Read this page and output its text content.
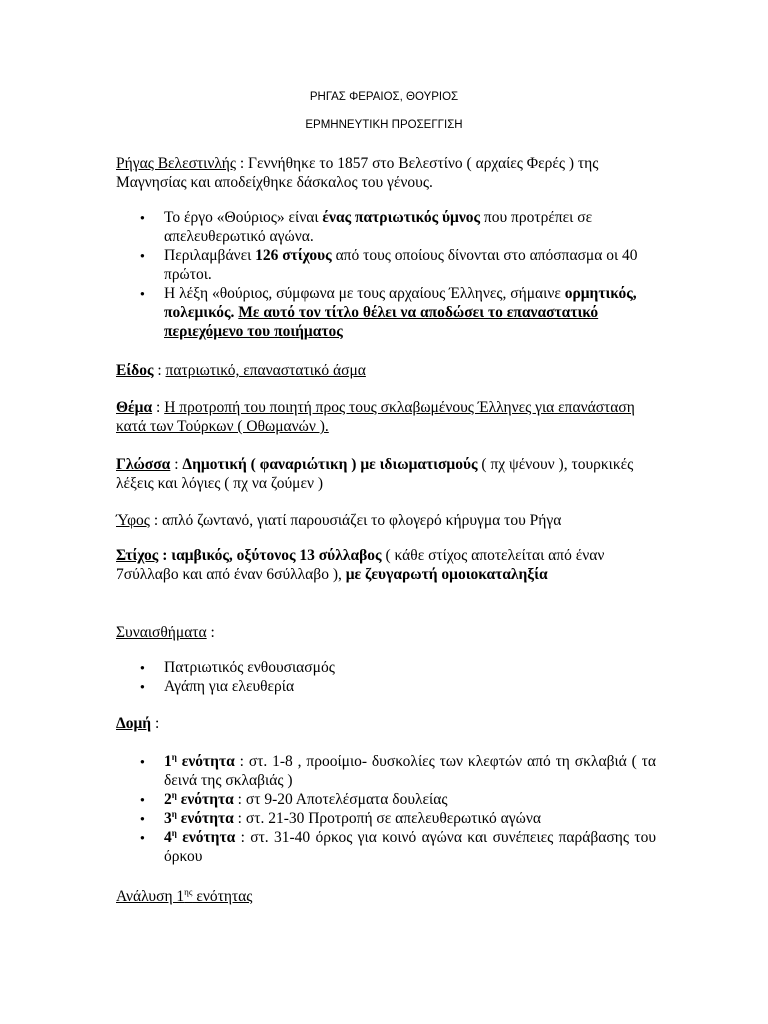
ΡΗΓΑΣ ΦΕΡΑΙΟΣ, ΘΟΥΡΙΟΣ
ΕΡΜΗΝΕΥΤΙΚΗ ΠΡΟΣΕΓΓΙΣΗ
Ρήγας Βελεστινλής : Γεννήθηκε το 1857 στο Βελεστίνο ( αρχαίες Φερές ) της Μαγνησίας και αποδείχθηκε δάσκαλος του γένους.
● Το έργο «Θούριος» είναι ένας πατριωτικός ύμνος που προτρέπει σε απελευθερωτικό αγώνα.
● Περιλαμβάνει 126 στίχους από τους οποίους δίνονται στο απόσπασμα οι 40 πρώτοι.
● Η λέξη «θούριος, σύμφωνα με τους αρχαίους Έλληνες, σήμαινε ορμητικός, πολεμικός. Με αυτό τον τίτλο θέλει να αποδώσει το επαναστατικό περιεχόμενο του ποιήματος
Είδος : πατριωτικό, επαναστατικό άσμα
Θέμα : Η προτροπή του ποιητή προς τους σκλαβωμένους Έλληνες για επανάσταση κατά των Τούρκων ( Οθωμανών ).
Γλώσσα : Δημοτική ( φαναριώτικη ) με ιδιωματισμούς ( πχ ψένουν ), τουρκικές λέξεις και λόγιες ( πχ να ζούμεν )
Ύφος : απλό ζωντανό, γιατί παρουσιάζει το φλογερό κήρυγμα του Ρήγα
Στίχος : ιαμβικός, οξύτονος 13 σύλλαβος ( κάθε στίχος αποτελείται από έναν 7σύλλαβο και από έναν 6σύλλαβο ), με ζευγαρωτή ομοιοκαταληξία
Συναισθήματα :
● Πατριωτικός ενθουσιασμός
● Αγάπη για ελευθερία
Δομή :
● $1^\eta$ ενότητα : στ. 1-8 , προοίμιο- δυσκολίες των κλεφτών από τη σκλαβιά ( τα δεινά της σκλαβιάς )
● $2^\eta$ ενότητα : στ 9-20 Αποτελέσματα δουλείας
● $3^\eta$ ενότητα : στ. 21-30 Προτροπή σε απελευθερωτικό αγώνα
● $4^\eta$ ενότητα : στ. 31-40 όρκος για κοινό αγώνα και συνέπειες παράβασης του όρκου
Ανάλυση $1^{\eta\varsigma}$ ενότητας
